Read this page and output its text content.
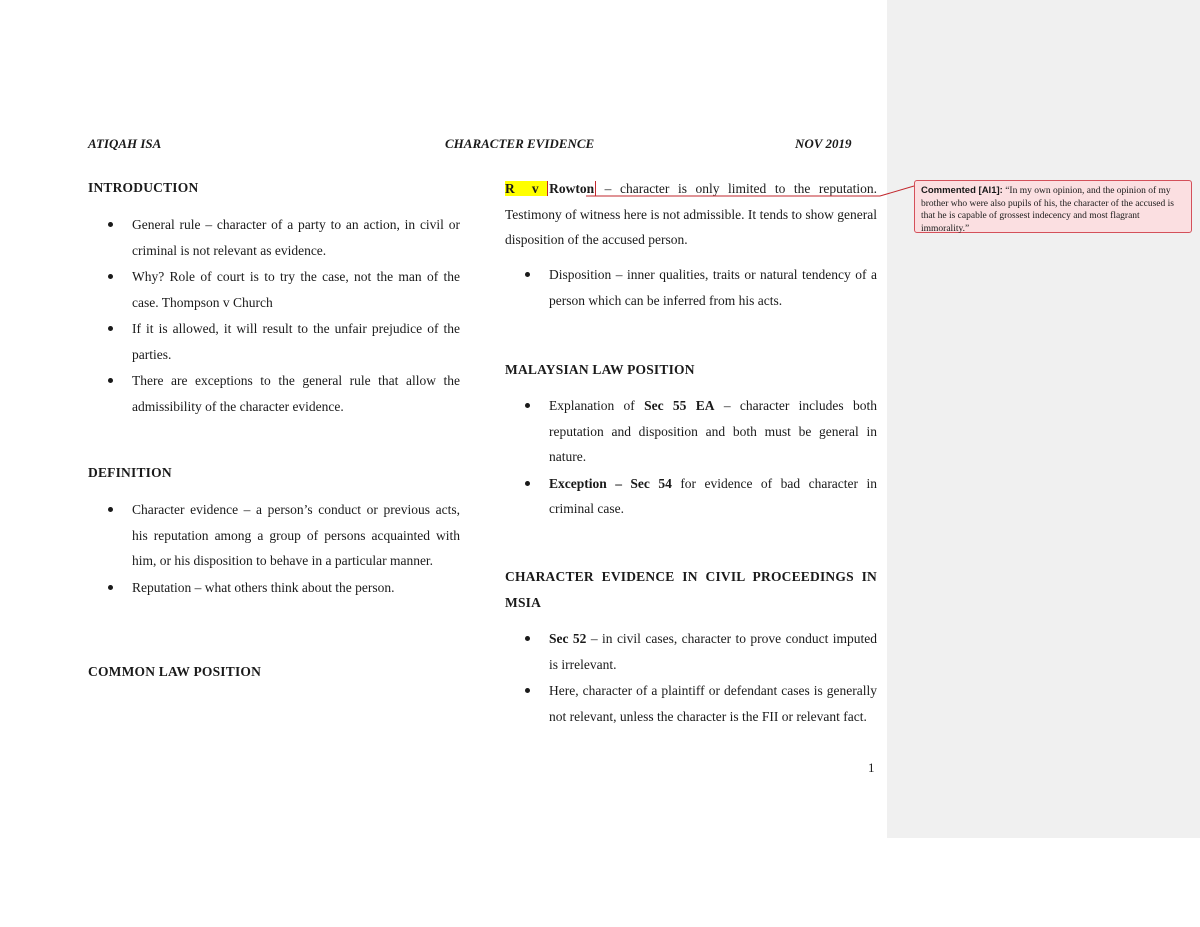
ATIQAH ISA	CHARACTER EVIDENCE	NOV 2019
INTRODUCTION
General rule – character of a party to an action, in civil or criminal is not relevant as evidence.
Why? Role of court is to try the case, not the man of the case. Thompson v Church
If it is allowed, it will result to the unfair prejudice of the parties.
There are exceptions to the general rule that allow the admissibility of the character evidence.
DEFINITION
Character evidence – a person’s conduct or previous acts, his reputation among a group of persons acquainted with him, or his disposition to behave in a particular manner.
Reputation – what others think about the person.
COMMON LAW POSITION
R v Rowton – character is only limited to the reputation. Testimony of witness here is not admissible. It tends to show general disposition of the accused person.
Disposition – inner qualities, traits or natural tendency of a person which can be inferred from his acts.
MALAYSIAN LAW POSITION
Explanation of Sec 55 EA – character includes both reputation and disposition and both must be general in nature.
Exception – Sec 54 for evidence of bad character in criminal case.
CHARACTER EVIDENCE IN CIVIL PROCEEDINGS IN MSIA
Sec 52 – in civil cases, character to prove conduct imputed is irrelevant.
Here, character of a plaintiff or defendant cases is generally not relevant, unless the character is the FII or relevant fact.
1
Commented [AI1]: “In my own opinion, and the opinion of my brother who were also pupils of his, the character of the accused is that he is capable of grossest indecency and most flagrant immorality.”
